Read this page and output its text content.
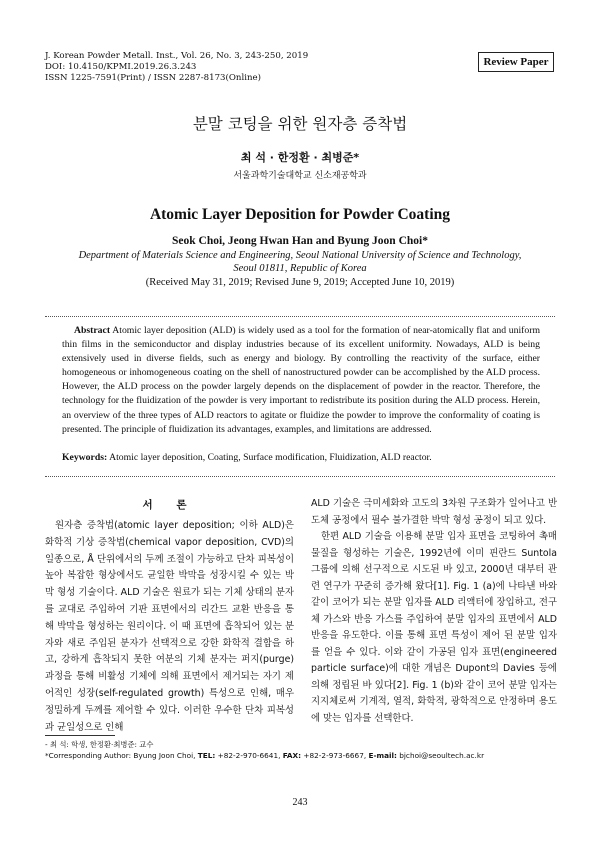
J. Korean Powder Metall. Inst., Vol. 26, No. 3, 243-250, 2019
DOI: 10.4150/KPMI.2019.26.3.243
ISSN 1225-7591(Print) / ISSN 2287-8173(Online)
Review Paper
분말 코팅을 위한 원자층 증착법
최 석 · 한정환 · 최병준*
서울과학기술대학교 신소재공학과
Atomic Layer Deposition for Powder Coating
Seok Choi, Jeong Hwan Han and Byung Joon Choi*
Department of Materials Science and Engineering, Seoul National University of Science and Technology,
Seoul 01811, Republic of Korea
(Received May 31, 2019; Revised June 9, 2019; Accepted June 10, 2019)
Abstract Atomic layer deposition (ALD) is widely used as a tool for the formation of near-atomically flat and uniform thin films in the semiconductor and display industries because of its excellent uniformity. Nowadays, ALD is being extensively used in diverse fields, such as energy and biology. By controlling the reactivity of the surface, either homogeneous or inhomogeneous coating on the shell of nanostructured powder can be accomplished by the ALD process. However, the ALD process on the powder largely depends on the displacement of powder in the reactor. Therefore, the technology for the fluidization of the powder is very important to redistribute its position during the ALD process. Herein, an overview of the three types of ALD reactors to agitate or fluidize the powder to improve the conformality of coating is presented. The principle of fluidization its advantages, examples, and limitations are addressed.
Keywords: Atomic layer deposition, Coating, Surface modification, Fluidization, ALD reactor.
서 론
원자층 증착법(atomic layer deposition; 이하 ALD)은 화학적 기상 증착법(chemical vapor deposition, CVD)의 일종으로, Å 단위에서의 두께 조절이 가능하고 단차 피복성이 높아 복잡한 형상에서도 균일한 박막을 성장시킬 수 있는 박막 형성 기술이다. ALD 기술은 원료가 되는 기체 상태의 분자를 교대로 주입하여 기판 표면에서의 리간드 교환 반응을 통해 박막을 형성하는 원리이다. 이 때 표면에 흡착되어 있는 분자와 새로 주입된 분자가 선택적으로 강한 화학적 결합을 하고, 강하게 흡착되지 못한 여분의 기체 분자는 퍼지(purge) 과정을 통해 비활성 기체에 의해 표면에서 제거되는 자기 제어적인 성장(self-regulated growth) 특성으로 인해, 매우 정밀하게 두께를 제어할 수 있다. 이러한 우수한 단차 피복성과 균일성으로 인해

ALD 기술은 극미세화와 고도의 3차원 구조화가 일어나고 반도체 공정에서 필수 불가결한 박막 형성 공정이 되고 있다.

한편 ALD 기술을 이용해 분말 입자 표면을 코팅하여 촉매 물질을 형성하는 기술은, 1992년에 이미 핀란드 Suntola 그룹에 의해 선구적으로 시도된 바 있고, 2000년 대부터 관련 연구가 꾸준히 증가해 왔다[1]. Fig. 1 (a)에 나타낸 바와 같이 코어가 되는 분말 입자를 ALD 리액터에 장입하고, 전구체 가스와 반응 가스를 주입하여 분말 입자의 표면에서 ALD 반응을 유도한다. 이를 통해 표면 특성이 제어 된 분말 입자를 얻을 수 있다. 이와 같이 가공된 입자 표면(engineered particle surface)에 대한 개념은 Dupont의 Davies 등에 의해 정립된 바 있다[2]. Fig. 1 (b)와 같이 코어 분말 입자는 지지체로써 기계적, 열적, 화학적, 광학적으로 안정하며 용도에 맞는 입자를 선택한다.

- 최 석: 학생, 한정환·최병준: 교수
*Corresponding Author: Byung Joon Choi, TEL: +82-2-970-6641, FAX: +82-2-973-6667, E-mail: bjchoi@seoultech.ac.kr
243
